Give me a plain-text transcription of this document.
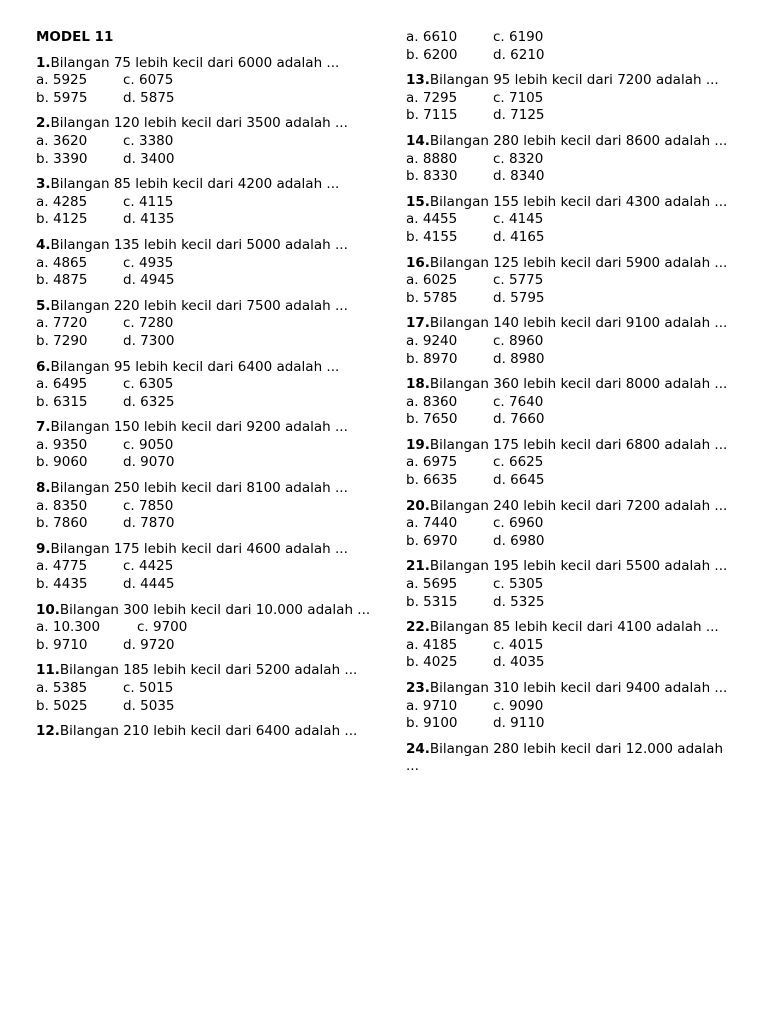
MODEL 11
1.Bilangan 75 lebih kecil dari 6000 adalah ...
a. 5925	c. 6075
b. 5975	d. 5875
2.Bilangan 120 lebih kecil dari 3500 adalah ...
a. 3620	c. 3380
b. 3390	d. 3400
3.Bilangan 85 lebih kecil dari 4200 adalah ...
a. 4285	c. 4115
b. 4125	d. 4135
4.Bilangan 135 lebih kecil dari 5000 adalah ...
a. 4865	c. 4935
b. 4875	d. 4945
5.Bilangan 220 lebih kecil dari 7500 adalah ...
a. 7720	c. 7280
b. 7290	d. 7300
6.Bilangan 95 lebih kecil dari 6400 adalah ...
a. 6495	c. 6305
b. 6315	d. 6325
7.Bilangan 150 lebih kecil dari 9200 adalah ...
a. 9350	c. 9050
b. 9060	d. 9070
8.Bilangan 250 lebih kecil dari 8100 adalah ...
a. 8350	c. 7850
b. 7860	d. 7870
9.Bilangan 175 lebih kecil dari 4600 adalah ...
a. 4775	c. 4425
b. 4435	d. 4445
10.Bilangan 300 lebih kecil dari 10.000 adalah ...
a. 10.300	c. 9700
b. 9710	d. 9720
11.Bilangan 185 lebih kecil dari 5200 adalah ...
a. 5385	c. 5015
b. 5025	d. 5035
12.Bilangan 210 lebih kecil dari 6400 adalah ...
a. 6610	c. 6190
b. 6200	d. 6210
13.Bilangan 95 lebih kecil dari 7200 adalah ...
a. 7295	c. 7105
b. 7115	d. 7125
14.Bilangan 280 lebih kecil dari 8600 adalah ...
a. 8880	c. 8320
b. 8330	d. 8340
15.Bilangan 155 lebih kecil dari 4300 adalah ...
a. 4455	c. 4145
b. 4155	d. 4165
16.Bilangan 125 lebih kecil dari 5900 adalah ...
a. 6025	c. 5775
b. 5785	d. 5795
17.Bilangan 140 lebih kecil dari 9100 adalah ...
a. 9240	c. 8960
b. 8970	d. 8980
18.Bilangan 360 lebih kecil dari 8000 adalah ...
a. 8360	c. 7640
b. 7650	d. 7660
19.Bilangan 175 lebih kecil dari 6800 adalah ...
a. 6975	c. 6625
b. 6635	d. 6645
20.Bilangan 240 lebih kecil dari 7200 adalah ...
a. 7440	c. 6960
b. 6970	d. 6980
21.Bilangan 195 lebih kecil dari 5500 adalah ...
a. 5695	c. 5305
b. 5315	d. 5325
22.Bilangan 85 lebih kecil dari 4100 adalah ...
a. 4185	c. 4015
b. 4025	d. 4035
23.Bilangan 310 lebih kecil dari 9400 adalah ...
a. 9710	c. 9090
b. 9100	d. 9110
24.Bilangan 280 lebih kecil dari 12.000 adalah ...
